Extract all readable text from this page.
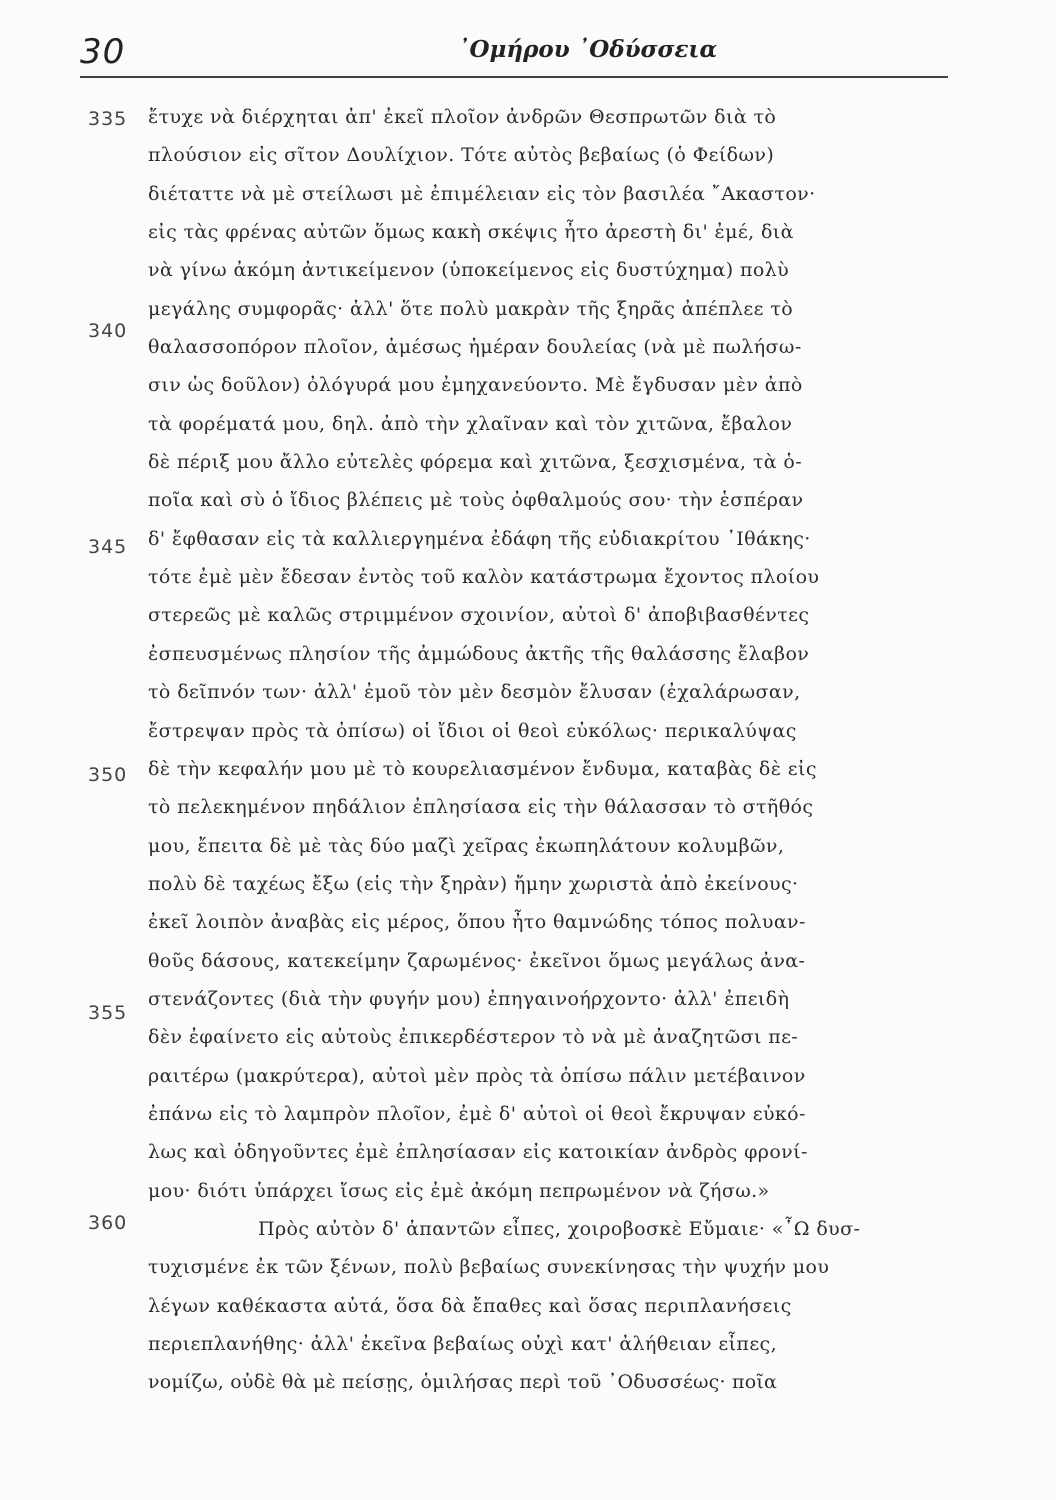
30	᾿Ομήρου ᾿Οδύσσεια
335
340
345
350
355
360
ἔτυχε νὰ διέρχηται ἀπ' ἐκεῖ πλοῖον ἀνδρῶν Θεσπρωτῶν διὰ τὸ
πλούσιον εἰς σῖτον Δουλίχιον. Τότε αὐτὸς βεβαίως (ὁ Φείδων)
διέταττε νὰ μὲ στείλωσι μὲ ἐπιμέλειαν εἰς τὸν βασιλέα ῎Ακαστον·
εἰς τὰς φρένας αὐτῶν ὅμως κακὴ σκέψις ἦτο ἀρεστὴ δι' ἐμέ, διὰ
νὰ γίνω ἀκόμη ἀντικείμενον (ὑποκείμενος εἰς δυστύχημα) πολὺ
μεγάλης συμφορᾶς· ἀλλ' ὅτε πολὺ μακρὰν τῆς ξηρᾶς ἀπέπλεε τὸ
θαλασσοπόρον πλοῖον, ἀμέσως ἡμέραν δουλείας (νὰ μὲ πωλήσω-
σιν ὡς δοῦλον) ὀλόγυρά μου ἐμηχανεύοντο. Μὲ ἔγδυσαν μὲν ἀπὸ
τὰ φορέματά μου, δηλ. ἀπὸ τὴν χλαῖναν καὶ τὸν χιτῶνα, ἔβαλον
δὲ πέριξ μου ἄλλο εὐτελὲς φόρεμα καὶ χιτῶνα, ξεσχισμένα, τὰ ὁ-
ποῖα καὶ σὺ ὁ ἴδιος βλέπεις μὲ τοὺς ὀφθαλμούς σου· τὴν ἑσπέραν
δ' ἔφθασαν εἰς τὰ καλλιεργημένα ἐδάφη τῆς εὐδιακρίτου ᾿Ιθάκης·
τότε ἐμὲ μὲν ἔδεσαν ἐντὸς τοῦ καλὸν κατάστρωμα ἔχοντος πλοίου
στερεῶς μὲ καλῶς στριμμένον σχοινίον, αὐτοὶ δ' ἀποβιβασθέντες
ἐσπευσμένως πλησίον τῆς ἀμμώδους ἀκτῆς τῆς θαλάσσης ἔλαβον
τὸ δεῖπνόν των· ἀλλ' ἐμοῦ τὸν μὲν δεσμὸν ἔλυσαν (ἐχαλάρωσαν,
ἔστρεψαν πρὸς τὰ ὀπίσω) οἱ ἴδιοι οἱ θεοὶ εὐκόλως· περικαλύψας
δὲ τὴν κεφαλήν μου μὲ τὸ κουρελιασμένον ἔνδυμα, καταβὰς δὲ εἰς
τὸ πελεκημένον πηδάλιον ἐπλησίασα εἰς τὴν θάλασσαν τὸ στῆθός
μου, ἔπειτα δὲ μὲ τὰς δύο μαζὶ χεῖρας ἐκωπηλάτουν κολυμβῶν,
πολὺ δὲ ταχέως ἔξω (εἰς τὴν ξηρὰν) ἤμην χωριστὰ ἀπὸ ἐκείνους·
ἐκεῖ λοιπὸν ἀναβὰς εἰς μέρος, ὅπου ἦτο θαμνώδης τόπος πολυαν-
θοῦς δάσους, κατεκείμην ζαρωμένος· ἐκεῖνοι ὅμως μεγάλως ἀνα-
στενάζοντες (διὰ τὴν φυγήν μου) ἐπηγαινοήρχοντο· ἀλλ' ἐπειδὴ
δὲν ἐφαίνετο εἰς αὐτοὺς ἐπικερδέστερον τὸ νὰ μὲ ἀναζητῶσι πε-
ραιτέρω (μακρύτερα), αὐτοὶ μὲν πρὸς τὰ ὀπίσω πάλιν μετέβαινον
ἐπάνω εἰς τὸ λαμπρὸν πλοῖον, ἐμὲ δ' αὐτοὶ οἱ θεοὶ ἔκρυψαν εὐκό-
λως καὶ ὁδηγοῦντες ἐμὲ ἐπλησίασαν εἰς κατοικίαν ἀνδρὸς φρονί-
μου· διότι ὑπάρχει ἴσως εἰς ἐμὲ ἀκόμη πεπρωμένον νὰ ζήσω.»
Πρὸς αὐτὸν δ' ἀπαντῶν εἶπες, χοιροβοσκὲ Εὔμαιε· «῏Ω δυσ-
τυχισμένε ἐκ τῶν ξένων, πολὺ βεβαίως συνεκίνησας τὴν ψυχήν μου
λέγων καθέκαστα αὐτά, ὅσα δὰ ἔπαθες καὶ ὅσας περιπλανήσεις
περιεπλανήθης· ἀλλ' ἐκεῖνα βεβαίως οὐχὶ κατ' ἀλήθειαν εἶπες,
νομίζω, οὐδὲ θὰ μὲ πείσῃς, ὁμιλήσας περὶ τοῦ ᾿Οδυσσέως· ποῖα
